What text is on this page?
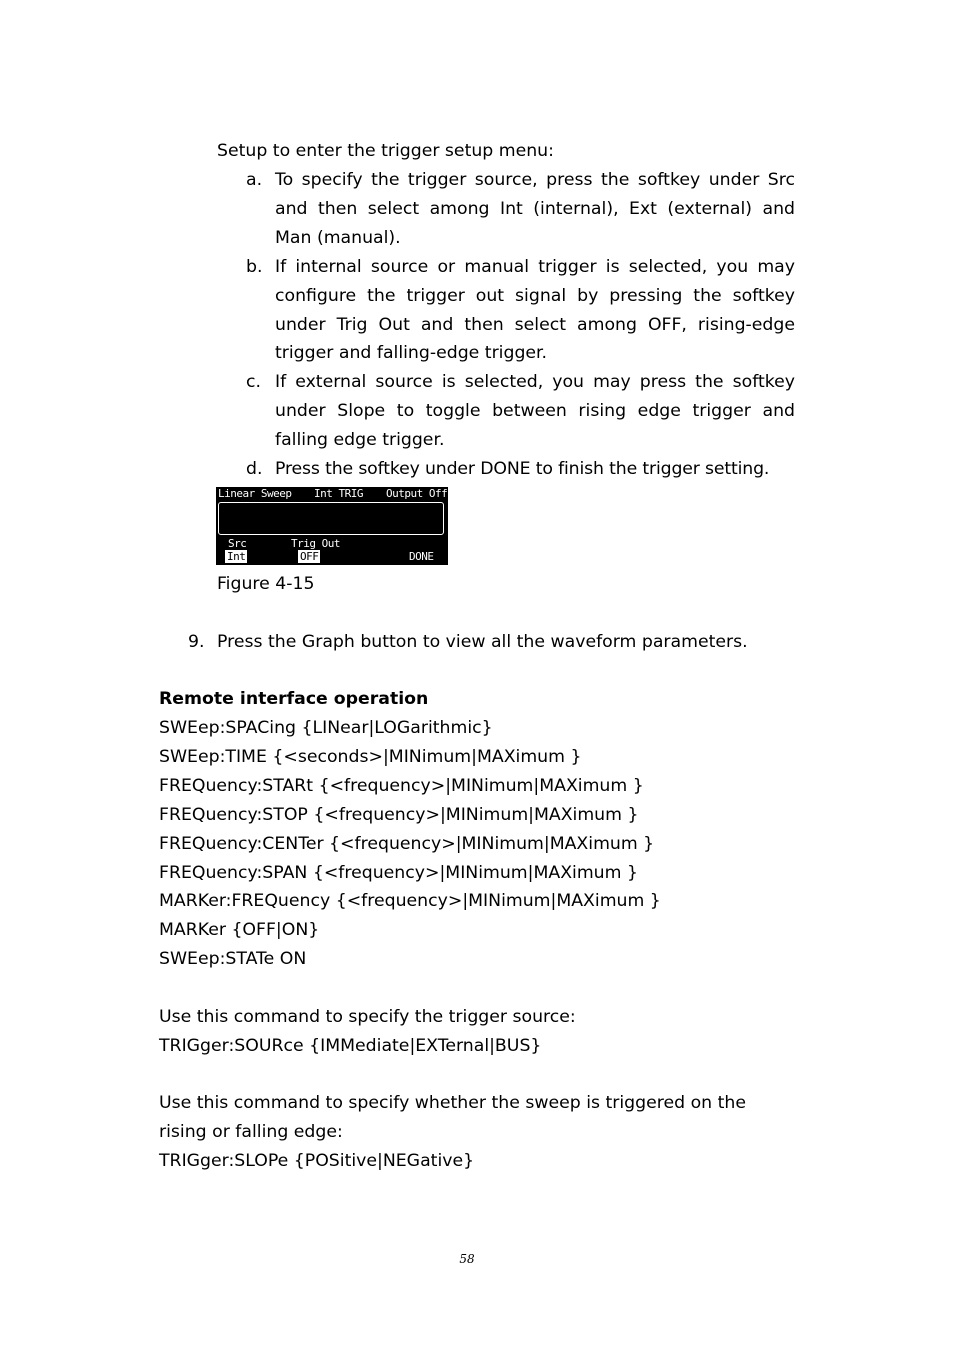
Setup to enter the trigger setup menu:
a. To specify the trigger source, press the softkey under Src and then select among Int (internal), Ext (external) and Man (manual).
b. If internal source or manual trigger is selected, you may configure the trigger out signal by pressing the softkey under Trig Out and then select among OFF, rising-edge trigger and falling-edge trigger.
c. If external source is selected, you may press the softkey under Slope to toggle between rising edge trigger and falling edge trigger.
d. Press the softkey under DONE to finish the trigger setting.
Linear Sweep Int TRIG Output Off
Src
Int
Trig Out
OFF	DONE
Figure 4-15
9. Press the Graph button to view all the waveform parameters.
Remote interface operation
SWEep:SPACing {LINear|LOGarithmic}
SWEep:TIME {<seconds>|MINimum|MAXimum }
FREQuency:STARt {<frequency>|MINimum|MAXimum }
FREQuency:STOP {<frequency>|MINimum|MAXimum }
FREQuency:CENTer {<frequency>|MINimum|MAXimum }
FREQuency:SPAN {<frequency>|MINimum|MAXimum }
MARKer:FREQuency {<frequency>|MINimum|MAXimum }
MARKer {OFF|ON}
SWEep:STATe ON
Use this command to specify the trigger source:
TRIGger:SOURce {IMMediate|EXTernal|BUS}
Use this command to specify whether the sweep is triggered on the rising or falling edge:
TRIGger:SLOPe {POSitive|NEGative}
58
